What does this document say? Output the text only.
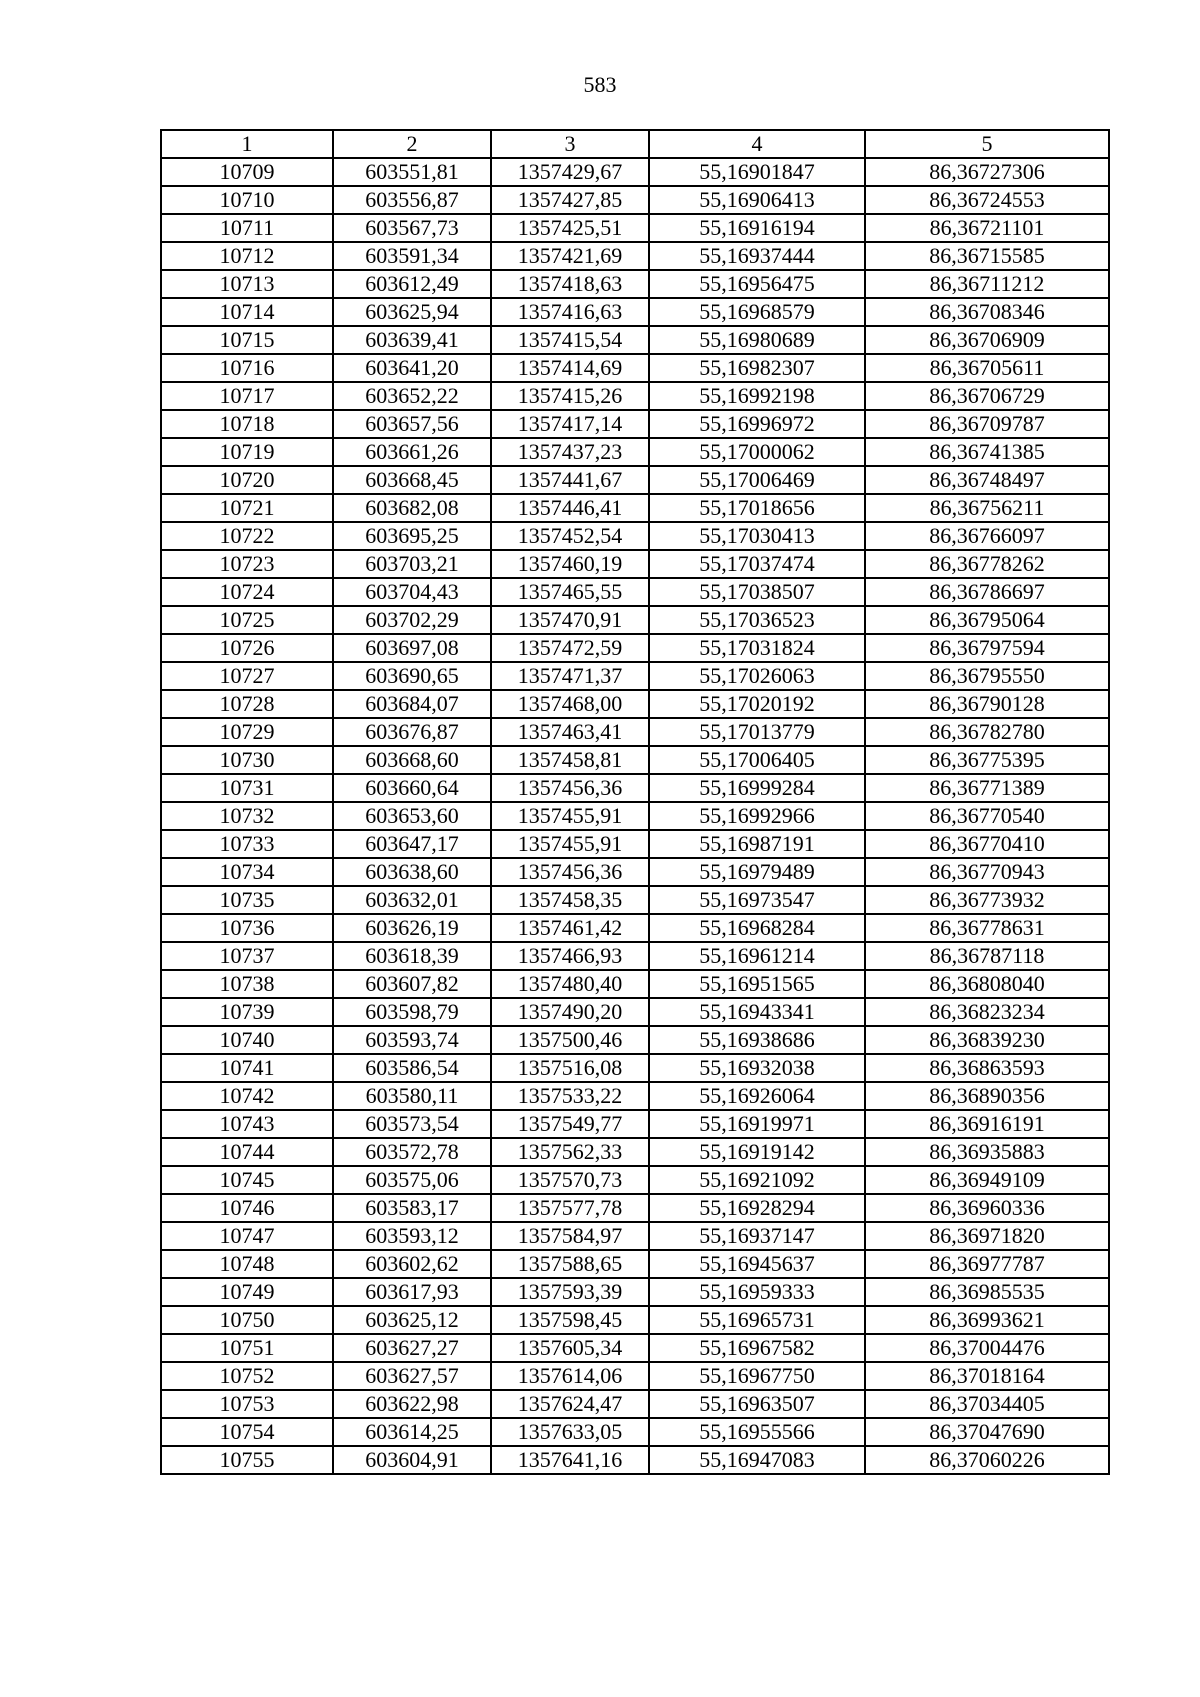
583
1	2	3	4	5
10709	603551,81	1357429,67	55,16901847	86,36727306
10710	603556,87	1357427,85	55,16906413	86,36724553
10711	603567,73	1357425,51	55,16916194	86,36721101
10712	603591,34	1357421,69	55,16937444	86,36715585
10713	603612,49	1357418,63	55,16956475	86,36711212
10714	603625,94	1357416,63	55,16968579	86,36708346
10715	603639,41	1357415,54	55,16980689	86,36706909
10716	603641,20	1357414,69	55,16982307	86,36705611
10717	603652,22	1357415,26	55,16992198	86,36706729
10718	603657,56	1357417,14	55,16996972	86,36709787
10719	603661,26	1357437,23	55,17000062	86,36741385
10720	603668,45	1357441,67	55,17006469	86,36748497
10721	603682,08	1357446,41	55,17018656	86,36756211
10722	603695,25	1357452,54	55,17030413	86,36766097
10723	603703,21	1357460,19	55,17037474	86,36778262
10724	603704,43	1357465,55	55,17038507	86,36786697
10725	603702,29	1357470,91	55,17036523	86,36795064
10726	603697,08	1357472,59	55,17031824	86,36797594
10727	603690,65	1357471,37	55,17026063	86,36795550
10728	603684,07	1357468,00	55,17020192	86,36790128
10729	603676,87	1357463,41	55,17013779	86,36782780
10730	603668,60	1357458,81	55,17006405	86,36775395
10731	603660,64	1357456,36	55,16999284	86,36771389
10732	603653,60	1357455,91	55,16992966	86,36770540
10733	603647,17	1357455,91	55,16987191	86,36770410
10734	603638,60	1357456,36	55,16979489	86,36770943
10735	603632,01	1357458,35	55,16973547	86,36773932
10736	603626,19	1357461,42	55,16968284	86,36778631
10737	603618,39	1357466,93	55,16961214	86,36787118
10738	603607,82	1357480,40	55,16951565	86,36808040
10739	603598,79	1357490,20	55,16943341	86,36823234
10740	603593,74	1357500,46	55,16938686	86,36839230
10741	603586,54	1357516,08	55,16932038	86,36863593
10742	603580,11	1357533,22	55,16926064	86,36890356
10743	603573,54	1357549,77	55,16919971	86,36916191
10744	603572,78	1357562,33	55,16919142	86,36935883
10745	603575,06	1357570,73	55,16921092	86,36949109
10746	603583,17	1357577,78	55,16928294	86,36960336
10747	603593,12	1357584,97	55,16937147	86,36971820
10748	603602,62	1357588,65	55,16945637	86,36977787
10749	603617,93	1357593,39	55,16959333	86,36985535
10750	603625,12	1357598,45	55,16965731	86,36993621
10751	603627,27	1357605,34	55,16967582	86,37004476
10752	603627,57	1357614,06	55,16967750	86,37018164
10753	603622,98	1357624,47	55,16963507	86,37034405
10754	603614,25	1357633,05	55,16955566	86,37047690
10755	603604,91	1357641,16	55,16947083	86,37060226
